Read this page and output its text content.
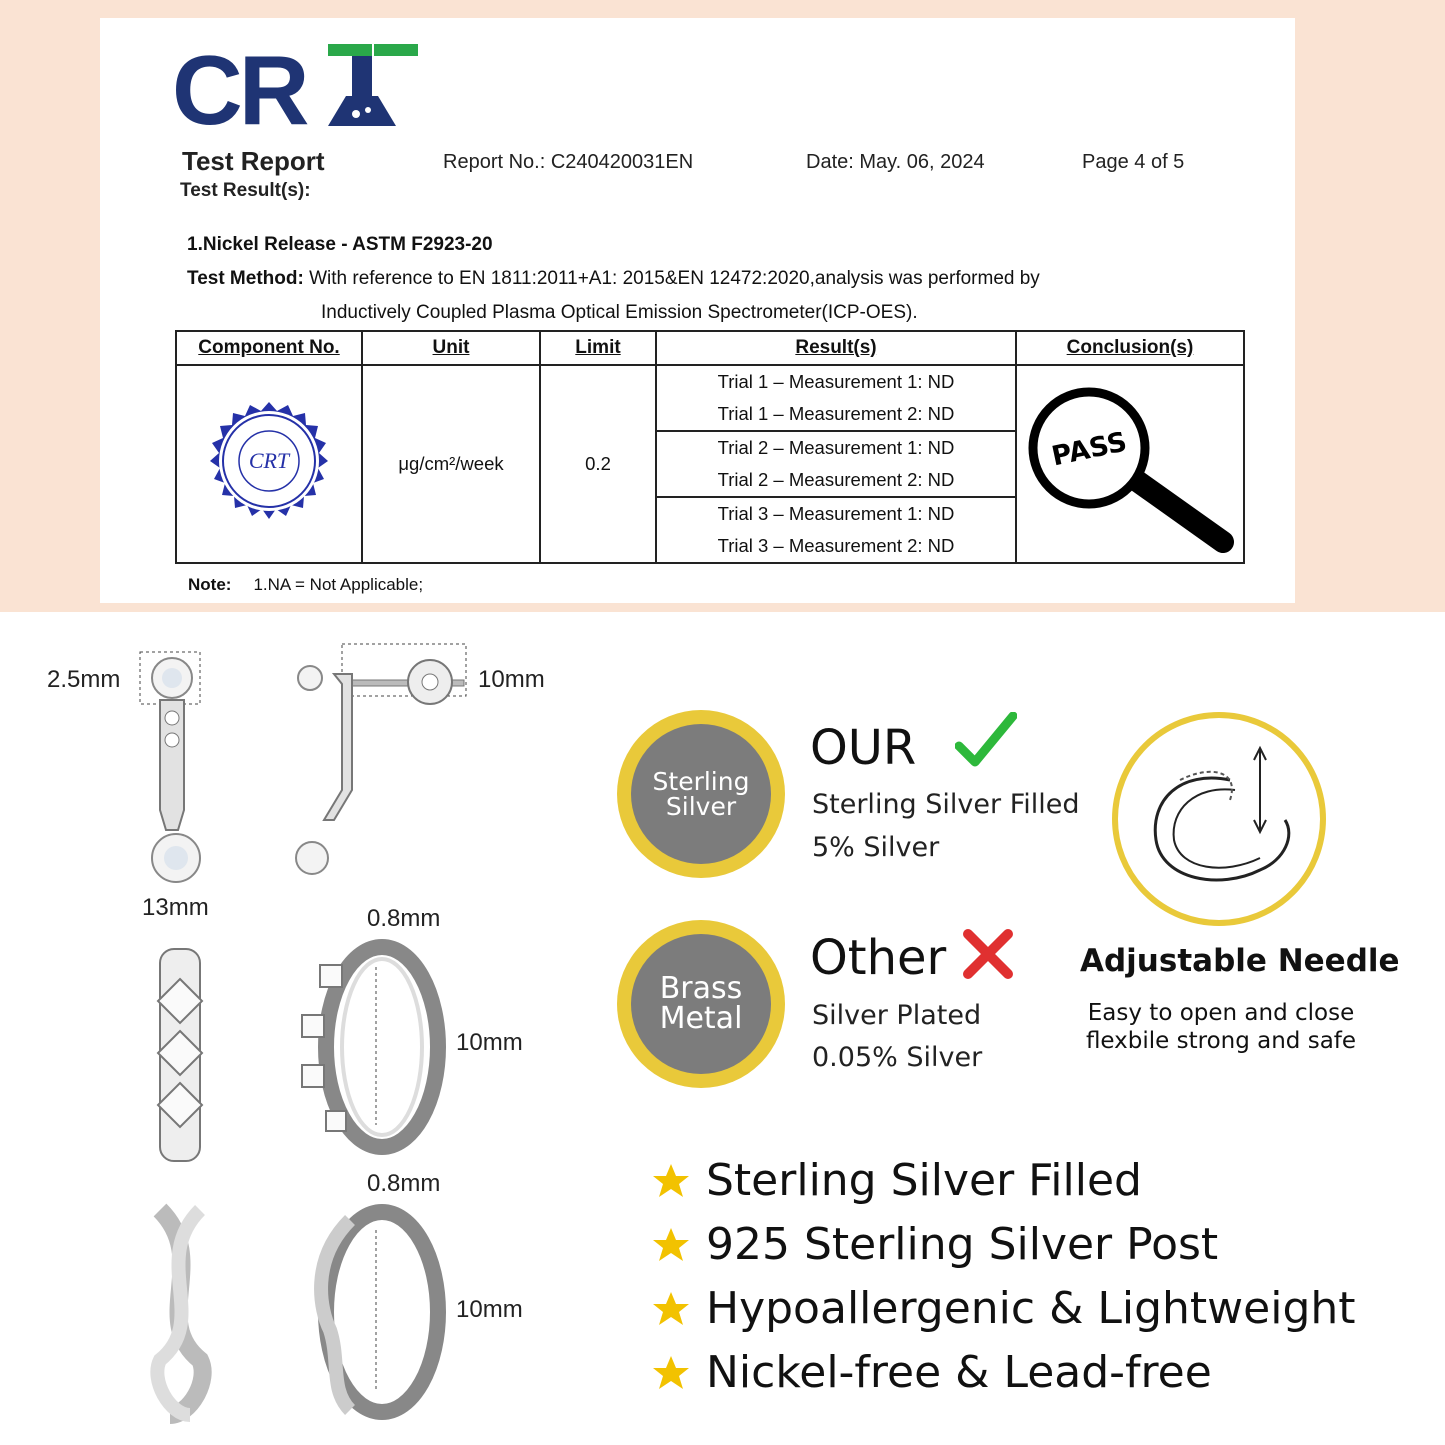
CR
Test Report	Report No.: C240420031EN	Date: May. 06, 2024	Page 4 of 5
Test Result(s):
1.Nickel Release - ASTM F2923-20
Test Method: With reference to EN 1811:2011+A1: 2015&EN 12472:2020,analysis was performed by
Inductively Coupled Plasma Optical Emission Spectrometer(ICP-OES).
Component No.	Unit	Limit	Result(s)	Conclusion(s)

CRT	μg/cm²/week	0.2	Trial 1 – Measurement 1: ND	PASS

			Trial 1 – Measurement 2: ND	
			Trial 2 – Measurement 1: ND	
			Trial 2 – Measurement 2: ND	
			Trial 3 – Measurement 1: ND	
			Trial 3 – Measurement 2: ND	
Note: 1.NA = Not Applicable;
2.5mm	10mm
13mm	0.8mm
10mm
0.8mm
10mm
Sterling
Silver
OUR
Sterling Silver Filled
5% Silver
Brass
Metal
Other
Silver Plated
0.05% Silver
Adjustable Needle
Easy to open and close
flexbile strong and safe
Sterling Silver Filled
925 Sterling Silver Post
Hypoallergenic & Lightweight
Nickel-free & Lead-free
